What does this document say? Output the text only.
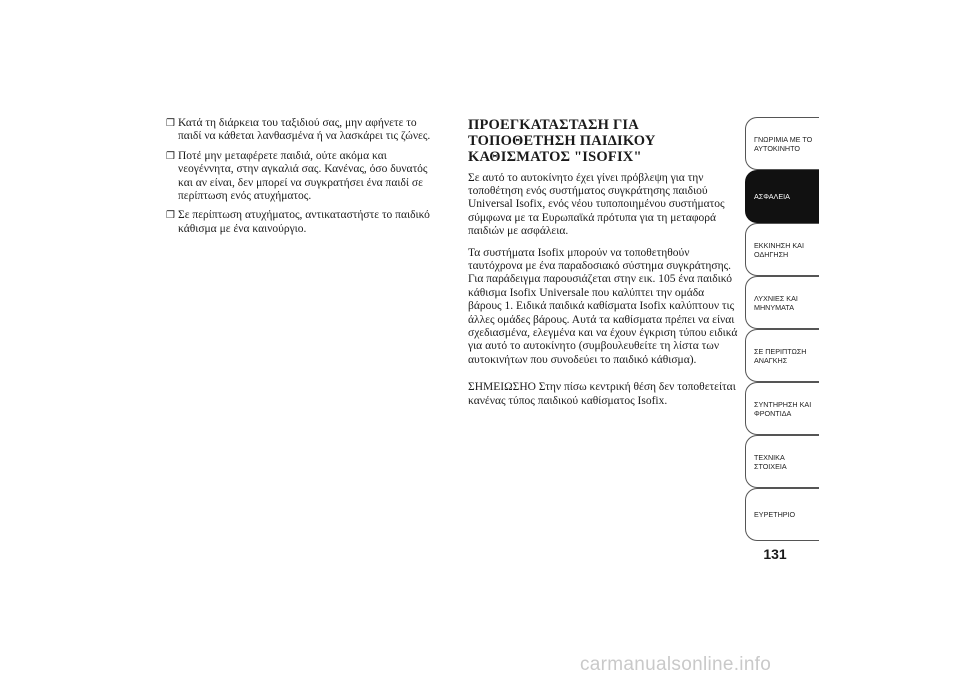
❒ Κατά τη διάρκεια του ταξιδιού σας, μην αφήνετε το παιδί να κάθεται λανθασμένα ή να λασκάρει τις ζώνες.
❒ Ποτέ μην μεταφέρετε παιδιά, ούτε ακόμα και νεογέννητα, στην αγκαλιά σας. Κανένας, όσο δυνατός και αν είναι, δεν μπορεί να συγκρατήσει ένα παιδί σε περίπτωση ενός ατυχήματος.
❒ Σε περίπτωση ατυχήματος, αντικαταστήστε το παιδικό κάθισμα με ένα καινούργιο.
ΠΡΟΕΓΚΑΤΑΣΤΑΣΗ ΓΙΑ ΤΟΠΟΘΕΤΗΣΗ ΠΑΙΔΙΚΟΥ ΚΑΘΙΣΜΑΤΟΣ "ISOFIX"

Σε αυτό το αυτοκίνητο έχει γίνει πρόβλεψη για την τοποθέτηση ενός συστήματος συγκράτησης παιδιού Universal Isofix, ενός νέου τυποποιημένου συστήματος σύμφωνα με τα Ευρωπαϊκά πρότυπα για τη μεταφορά παιδιών με ασφάλεια.

Τα συστήματα Isofix μπορούν να τοποθετηθούν ταυτόχρονα με ένα παραδοσιακό σύστημα συγκράτησης. Για παράδειγμα παρουσιάζεται στην εικ. 105 ένα παιδικό κάθισμα Isofix Universale που καλύπτει την ομάδα βάρους 1. Ειδικά παιδικά καθίσματα Isofix καλύπτουν τις άλλες ομάδες βάρους. Αυτά τα καθίσματα πρέπει να είναι σχεδιασμένα, ελεγμένα και να έχουν έγκριση τύπου ειδικά για αυτό το αυτοκίνητο (συμβουλευθείτε τη λίστα των αυτοκινήτων που συνοδεύει το παιδικό κάθισμα).

ΣΗΜΕΙΩΣΗΟ Στην πίσω κεντρική θέση δεν τοποθετείται κανένας τύπος παιδικού καθίσματος Isofix.

ΓΝΩΡΙΜΙΑ ΜΕ ΤΟ
ΑΥΤΟΚΙΝΗΤΟ
ΑΣΦΑΛΕΙΑ
ΕΚΚΙΝΗΣΗ ΚΑΙ
ΟΔΗΓΗΣΗ
ΛΥΧΝΙΕΣ ΚΑΙ
ΜΗΝΥΜΑΤΑ
ΣΕ ΠΕΡΙΠΤΩΣΗ
ΑΝΑΓΚΗΣ
ΣΥΝΤΗΡΗΣΗ ΚΑΙ
ΦΡΟΝΤΙΔΑ
ΤΕΧΝΙΚΑ ΣΤΟΙΧΕΙΑ
ΕΥΡΕΤΗΡΙΟ
131
carmanualsonline.info
